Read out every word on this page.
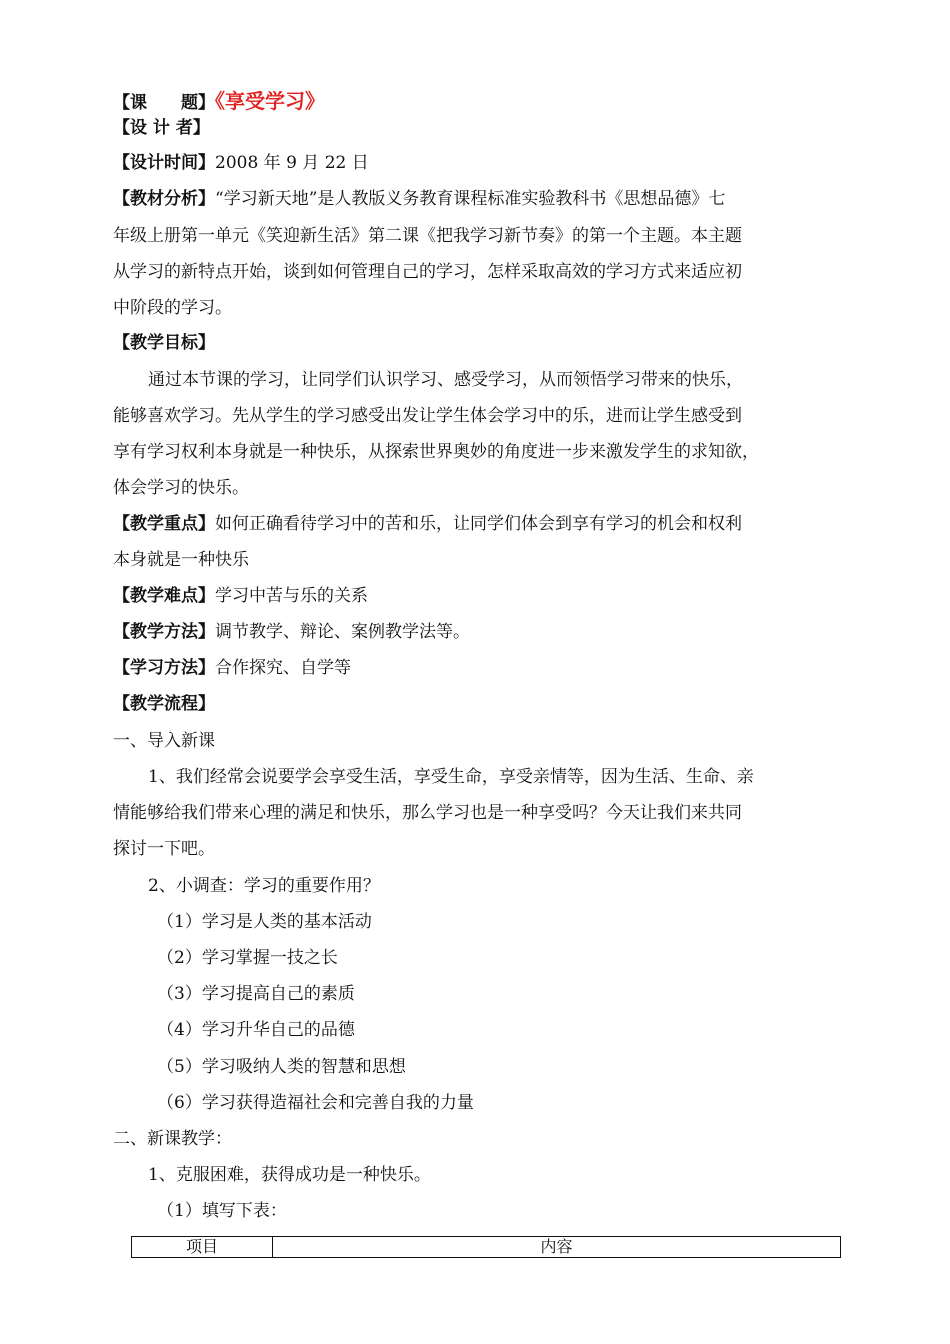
【课　　题】《享受学习》
【设 计 者】
【设计时间】2008 年 9 月 22 日
【教材分析】“学习新天地”是人教版义务教育课程标准实验教科书《思想品德》七
年级上册第一单元《笑迎新生活》第二课《把我学习新节奏》的第一个主题。本主题
从学习的新特点开始，谈到如何管理自己的学习，怎样采取高效的学习方式来适应初
中阶段的学习。
【教学目标】
通过本节课的学习，让同学们认识学习、感受学习，从而领悟学习带来的快乐，
能够喜欢学习。先从学生的学习感受出发让学生体会学习中的乐，进而让学生感受到
享有学习权利本身就是一种快乐，从探索世界奥妙的角度进一步来激发学生的求知欲，
体会学习的快乐。
【教学重点】如何正确看待学习中的苦和乐，让同学们体会到享有学习的机会和权利
本身就是一种快乐
【教学难点】学习中苦与乐的关系
【教学方法】调节教学、辩论、案例教学法等。
【学习方法】合作探究、自学等
【教学流程】
一、导入新课
1、我们经常会说要学会享受生活，享受生命，享受亲情等，因为生活、生命、亲
情能够给我们带来心理的满足和快乐，那么学习也是一种享受吗？今天让我们来共同
探讨一下吧。
2、小调查：学习的重要作用？
（1）学习是人类的基本活动
（2）学习掌握一技之长
（3）学习提高自己的素质
（4）学习升华自己的品德
（5）学习吸纳人类的智慧和思想
（6）学习获得造福社会和完善自我的力量
二、新课教学：
1、克服困难，获得成功是一种快乐。
（1）填写下表：
项目	内容
